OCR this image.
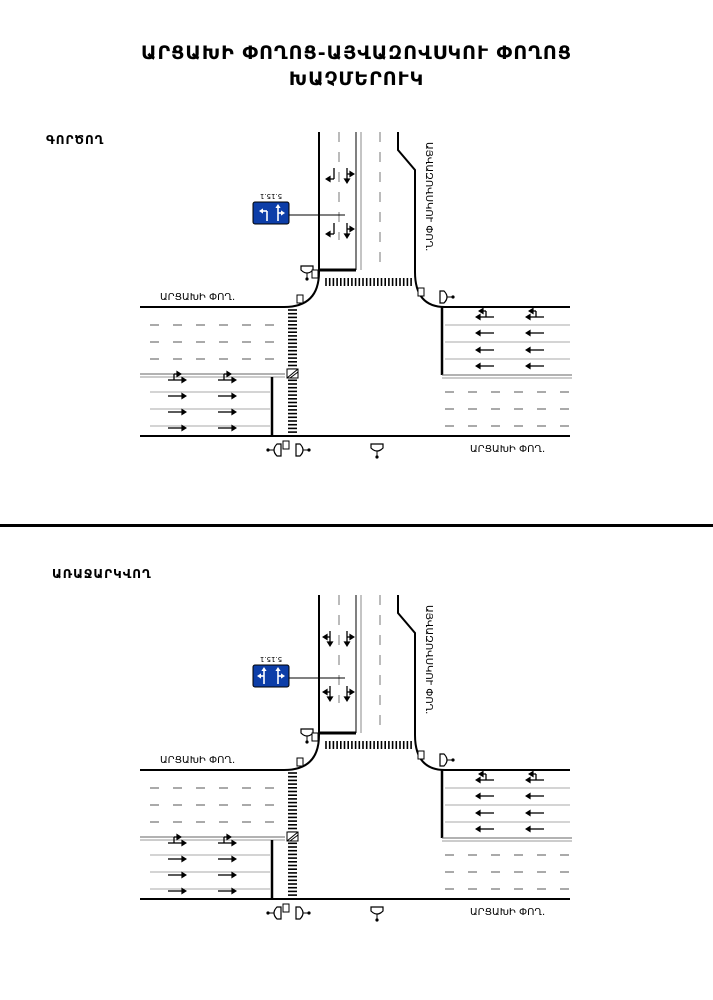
ԱՐՑԱԽԻ ՓՈՂՈՑ-ԱՅՎԱԶՈՎՍԿՈՒ ՓՈՂՈՑ
ԽԱՉՄԵՐՈՒԿ
ԳՈՐԾՈՂ
ԱՌԱՋԱՐԿՎՈՂ
5.15.1
ԱՐՑԱԽԻ ՓՈՂ.
ԱՐՑԱԽԻ ՓՈՂ.
ԱՅՎԱԶՈՎՍԿՈՒ ՓՈՂ.
5.15.1
ԱՐՑԱԽԻ ՓՈՂ.
ԱՐՑԱԽԻ ՓՈՂ.
ԱՅՎԱԶՈՎՍԿՈՒ ՓՈՂ.
